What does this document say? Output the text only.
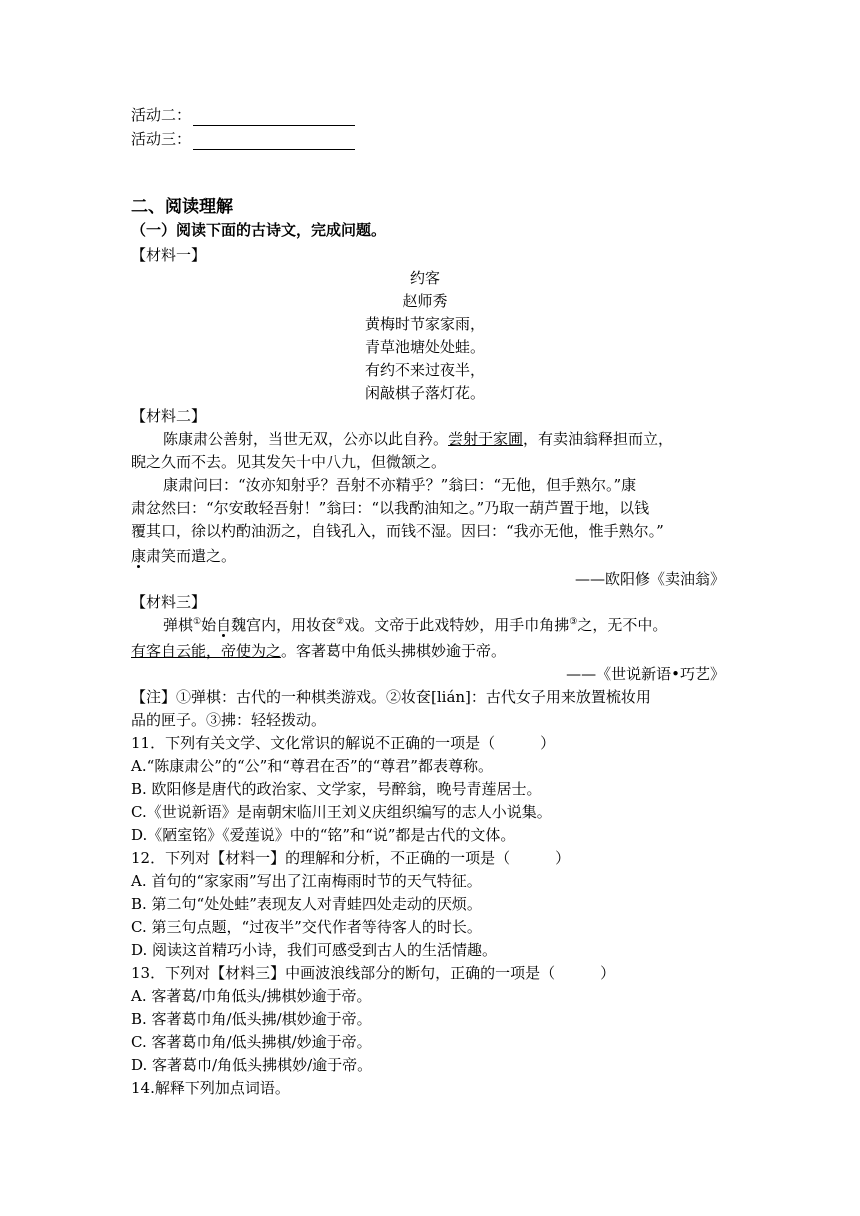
活动二：
活动三：
二、阅读理解
（一）阅读下面的古诗文，完成问题。
【材料一】
约客
赵师秀
黄梅时节家家雨，
青草池塘处处蛙。
有约不来过夜半，
闲敲棋子落灯花。
【材料二】
陈康肃公善射，当世无双，公亦以此自矜。尝射于家圃，有卖油翁释担而立，
睨之久而不去。见其发矢十中八九，但微颔之。
康肃问曰：“汝亦知射乎？吾射不亦精乎？”翁曰：“无他，但手熟尔。”康
肃忿然曰：“尔安敢轻吾射！”翁曰：“以我酌油知之。”乃取一葫芦置于地，以钱
覆其口，徐以杓酌油沥之，自钱孔入，而钱不湿。因曰：“我亦无他，惟手熟尔。”
康肃笑而遣之。
——欧阳修《卖油翁》
【材料三】
弹棋①始自魏宫内，用妆奁②戏。文帝于此戏特妙，用手巾角拂③之，无不中。
有客自云能，帝使为之。客著葛中角低头拂棋妙逾于帝。
——《世说新语•巧艺》
【注】①弹棋：古代的一种棋类游戏。②妆奁[lián]：古代女子用来放置梳妆用
品的匣子。③拂：轻轻拨动。
11．下列有关文学、文化常识的解说不正确的一项是（　　　）
A.“陈康肃公”的“公”和“尊君在否”的“尊君”都表尊称。
B. 欧阳修是唐代的政治家、文学家，号醉翁，晚号青莲居士。
C.《世说新语》是南朝宋临川王刘义庆组织编写的志人小说集。
D.《陋室铭》《爱莲说》中的“铭”和“说”都是古代的文体。
12．下列对【材料一】的理解和分析，不正确的一项是（　　　）
A. 首句的“家家雨”写出了江南梅雨时节的天气特征。
B. 第二句“处处蛙”表现友人对青蛙四处走动的厌烦。
C. 第三句点题，“过夜半”交代作者等待客人的时长。
D. 阅读这首精巧小诗，我们可感受到古人的生活情趣。
13．下列对【材料三】中画波浪线部分的断句，正确的一项是（　　　）
A. 客著葛/巾角低头/拂棋妙逾于帝。
B. 客著葛巾角/低头拂/棋妙逾于帝。
C. 客著葛巾角/低头拂棋/妙逾于帝。
D. 客著葛巾/角低头拂棋妙/逾于帝。
14.解释下列加点词语。
